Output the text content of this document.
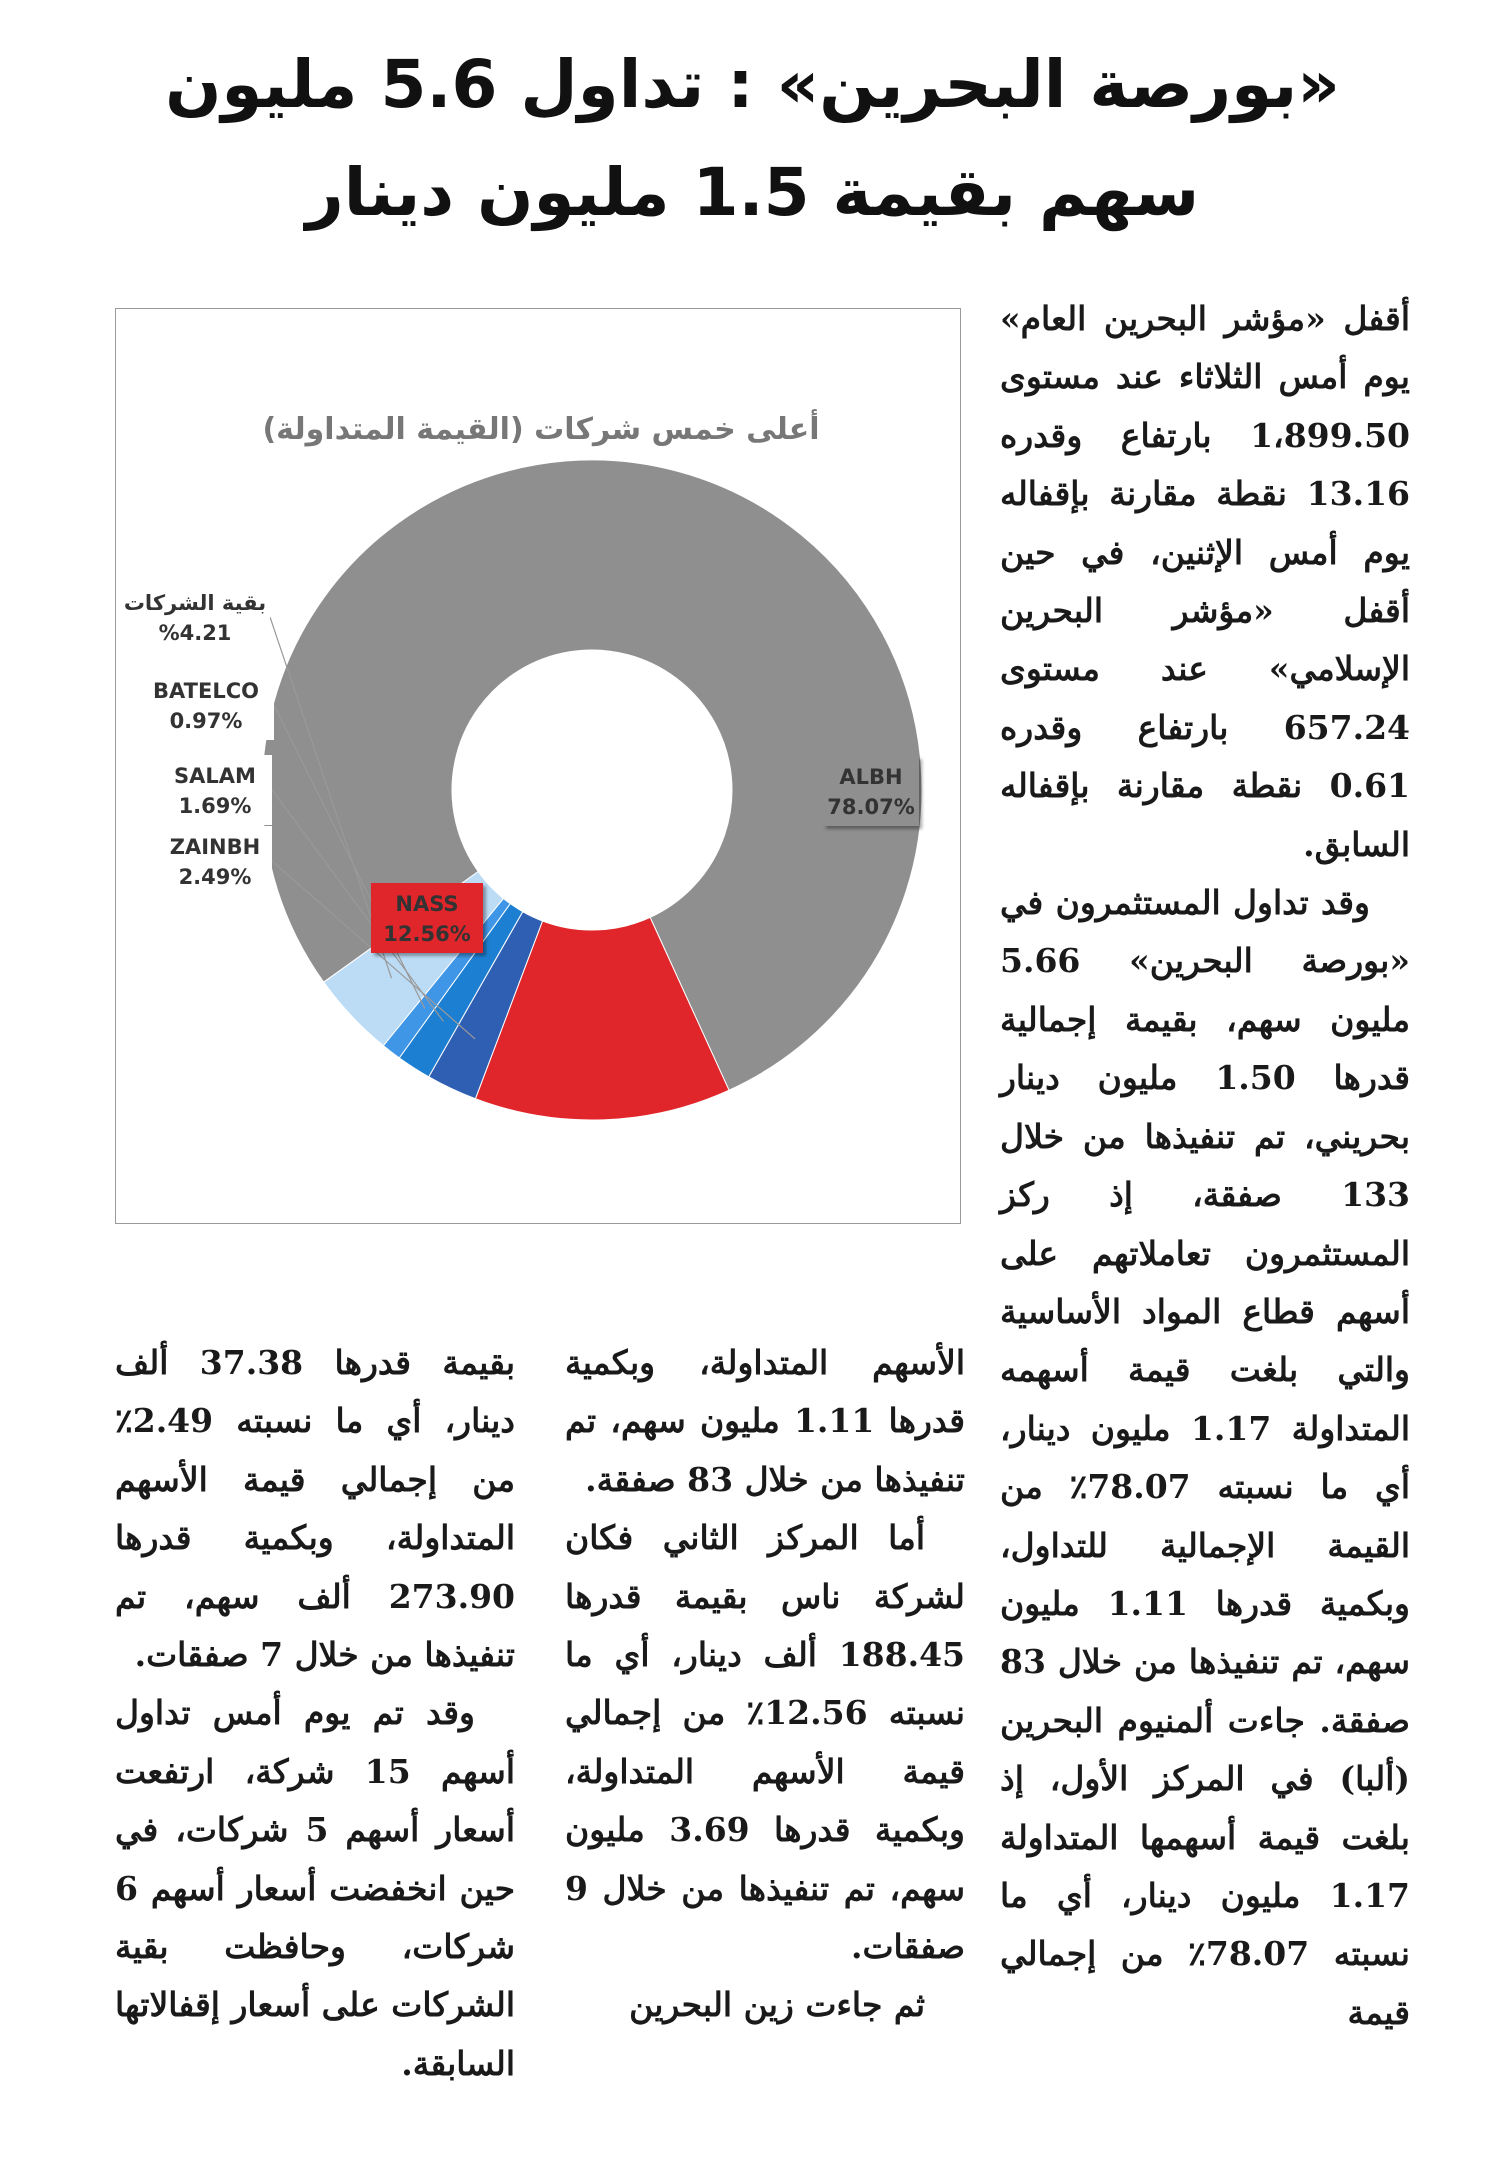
«بورصة البحرين» : تداول 5.6 مليون
سهم بقيمة 1.5 مليون دينار

أقفل «مؤشر البحرين العام» يوم أمس الثلاثاء عند مستوى 1،899.50 بارتفاع وقدره 13.16 نقطة مقارنة بإقفاله يوم أمس الإثنين، في حين أقفل «مؤشر البحرين الإسلامي» عند مستوى 657.24 بارتفاع وقدره 0.61 نقطة مقارنة بإقفاله السابق.

وقد تداول المستثمرون في «بورصة البحرين» 5.66 مليون سهم، بقيمة إجمالية قدرها 1.50 مليون دينار بحريني، تم تنفيذها من خلال 133 صفقة، إذ ركز المستثمرون تعاملاتهم على أسهم قطاع المواد الأساسية والتي بلغت قيمة أسهمه المتداولة 1.17 مليون دينار، أي ما نسبته 78.07٪ من القيمة الإجمالية للتداول، وبكمية قدرها 1.11 مليون سهم، تم تنفيذها من خلال 83 صفقة. جاءت ألمنيوم البحرين (ألبا) في المركز الأول، إذ بلغت قيمة أسهمها المتداولة 1.17 مليون دينار، أي ما نسبته 78.07٪ من إجمالي قيمة

الأسهم المتداولة، وبكمية قدرها 1.11 مليون سهم، تم تنفيذها من خلال 83 صفقة.

أما المركز الثاني فكان لشركة ناس بقيمة قدرها 188.45 ألف دينار، أي ما نسبته 12.56٪ من إجمالي قيمة الأسهم المتداولة، وبكمية قدرها 3.69 مليون سهم، تم تنفيذها من خلال 9 صفقات.

ثم جاءت زين البحرين

بقيمة قدرها 37.38 ألف دينار، أي ما نسبته 2.49٪ من إجمالي قيمة الأسهم المتداولة، وبكمية قدرها 273.90 ألف سهم، تم تنفيذها من خلال 7 صفقات.

وقد تم يوم أمس تداول أسهم 15 شركة، ارتفعت أسعار أسهم 5 شركات، في حين انخفضت أسعار أسهم 6 شركات، وحافظت بقية الشركات على أسعار إقفالاتها السابقة.

أعلى خمس شركات (القيمة المتداولة)
ALBH
78.07%
NASS
12.56%
ZAINBH
2.49%
SALAM
1.69%
BATELCO
0.97%
بقية الشركات
%4.21
